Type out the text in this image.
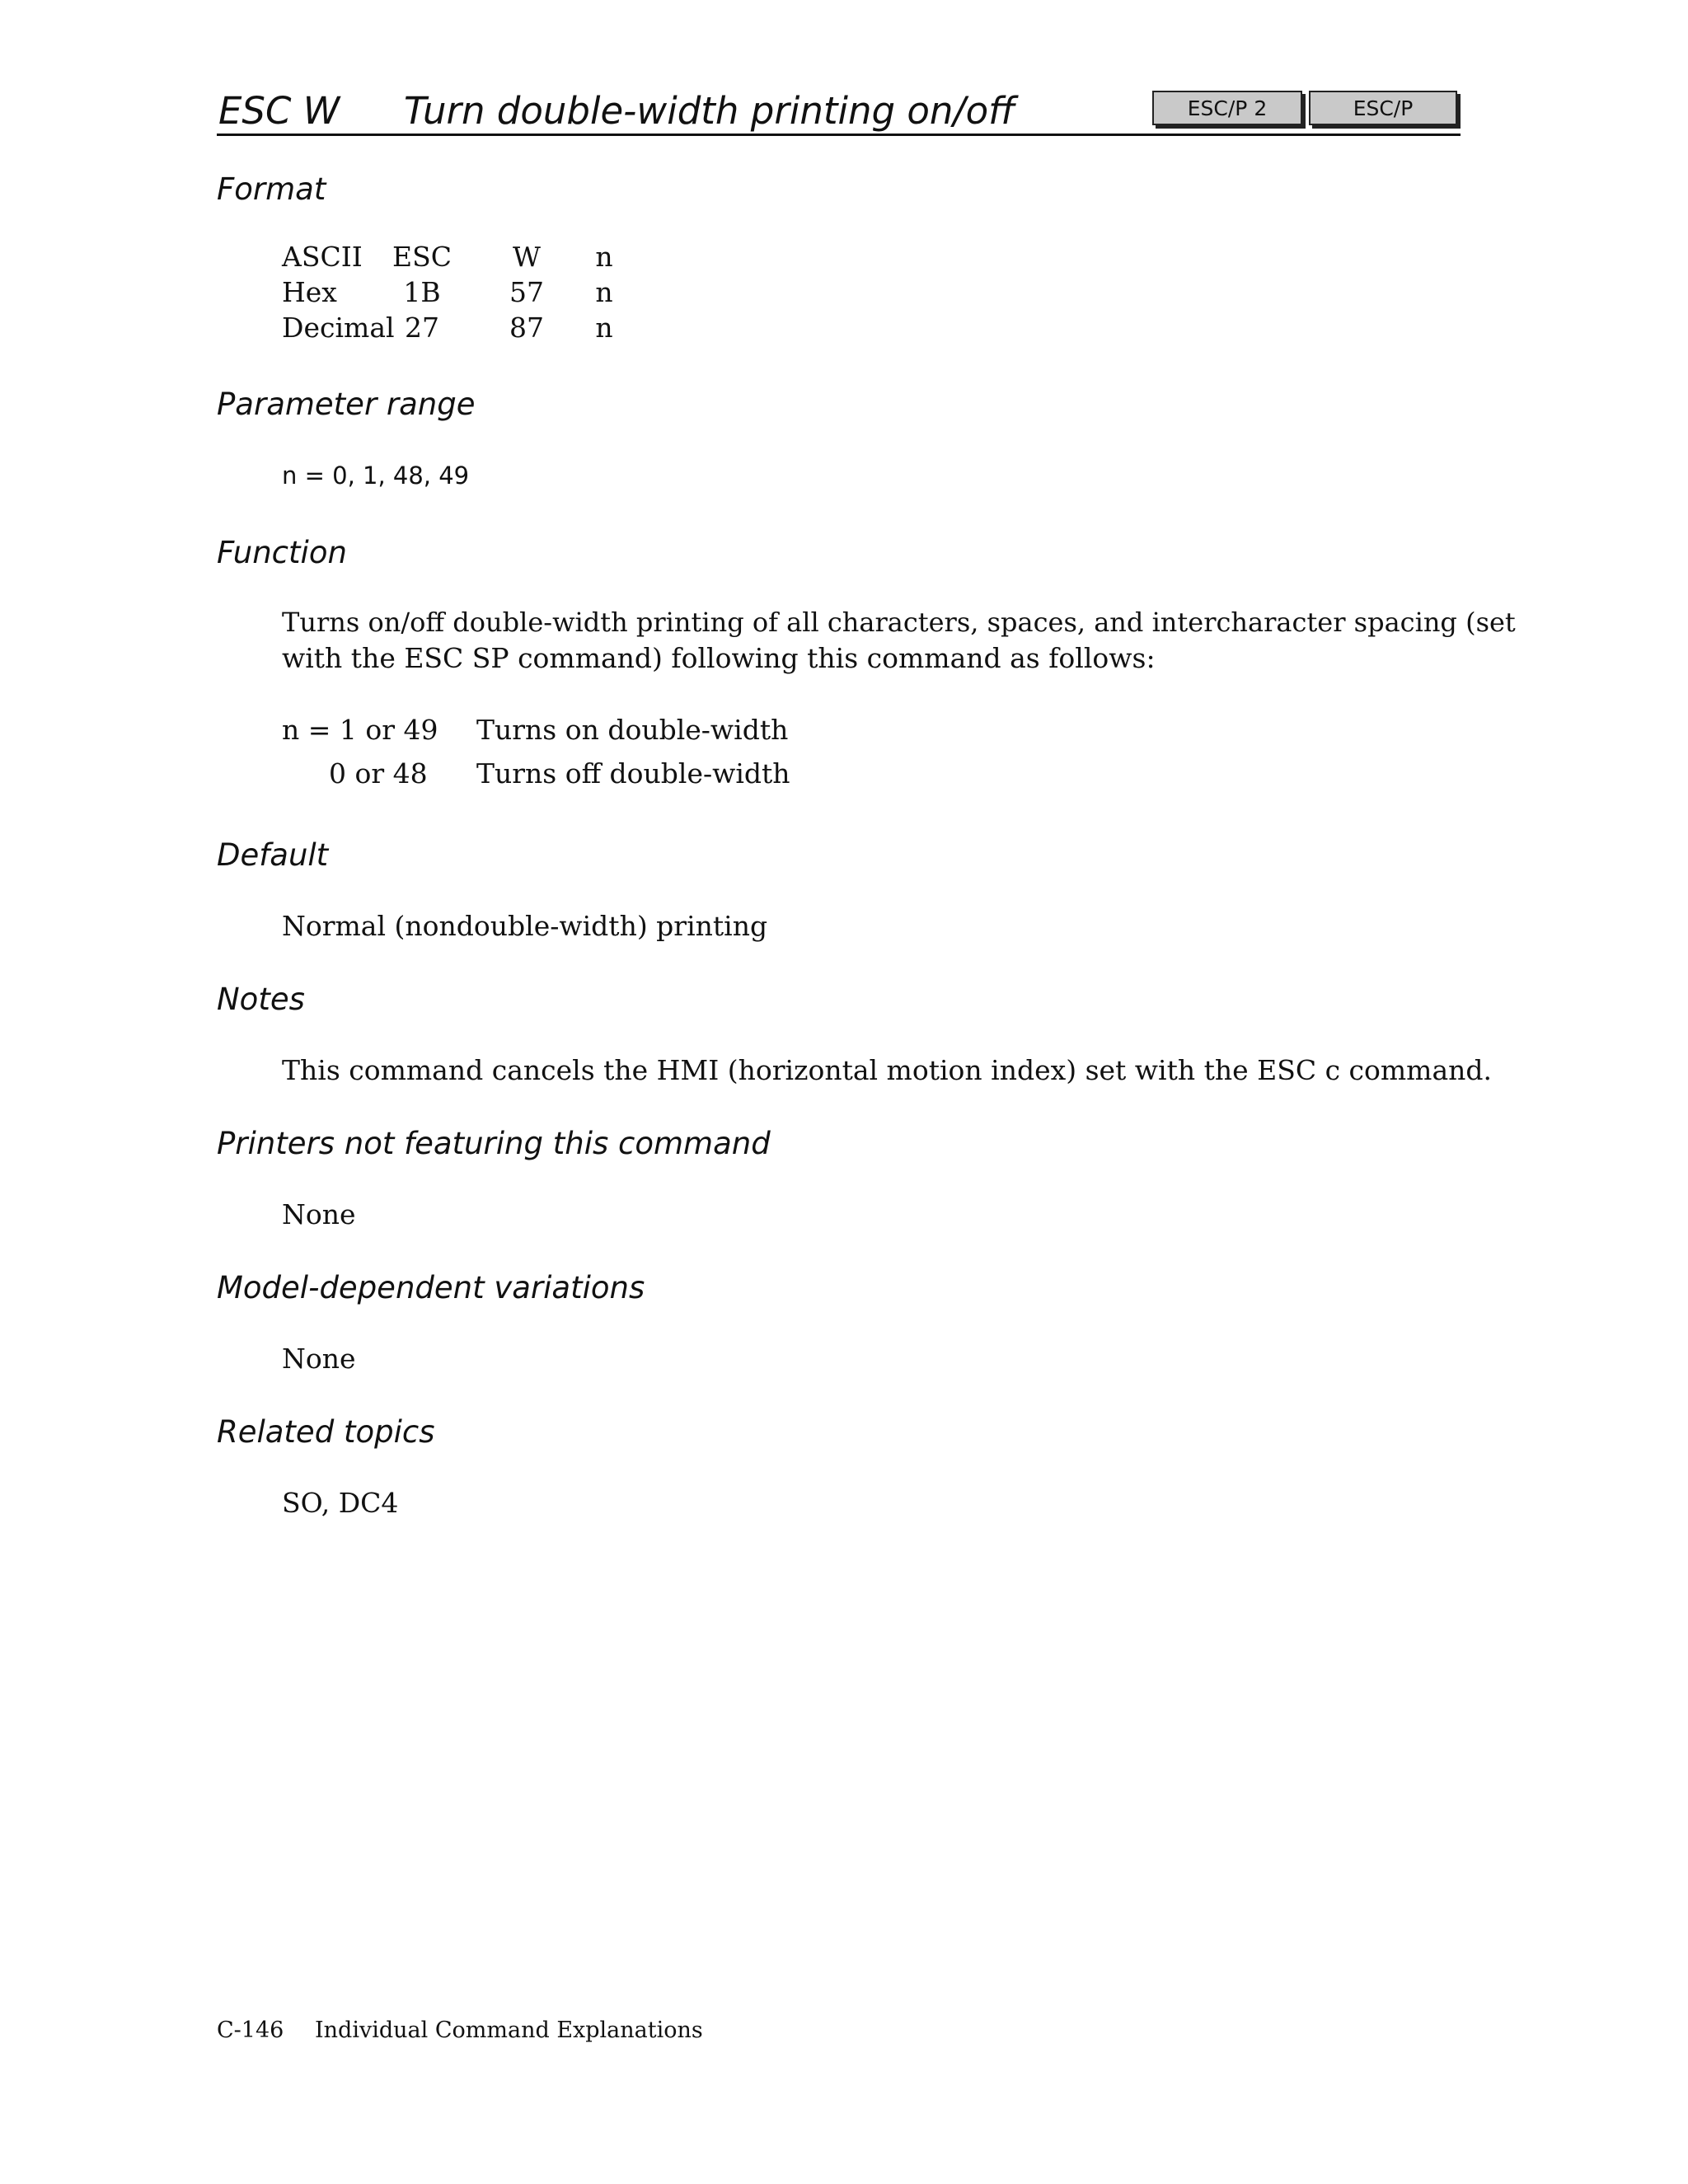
ESC W Turn double-width printing on/off	ESC/P 2	ESC/P
Format
ASCII ESC W n
Hex 1B	57 n
Decimal 27	87 n
Parameter range
n = 0, 1, 48, 49
Function
Turns on/off double-width printing of all characters, spaces, and intercharacter spacing (set
with the ESC SP command) following this command as follows:
n = 1 or 49 Turns on double-width
0 or 48 Turns off double-width
Default
Normal (nondouble-width) printing
Notes
This command cancels the HMI (horizontal motion index) set with the ESC c command.
Printers not featuring this command
None
Model-dependent variations
None
Related topics
SO, DC4
C-146 Individual Command Explanations
